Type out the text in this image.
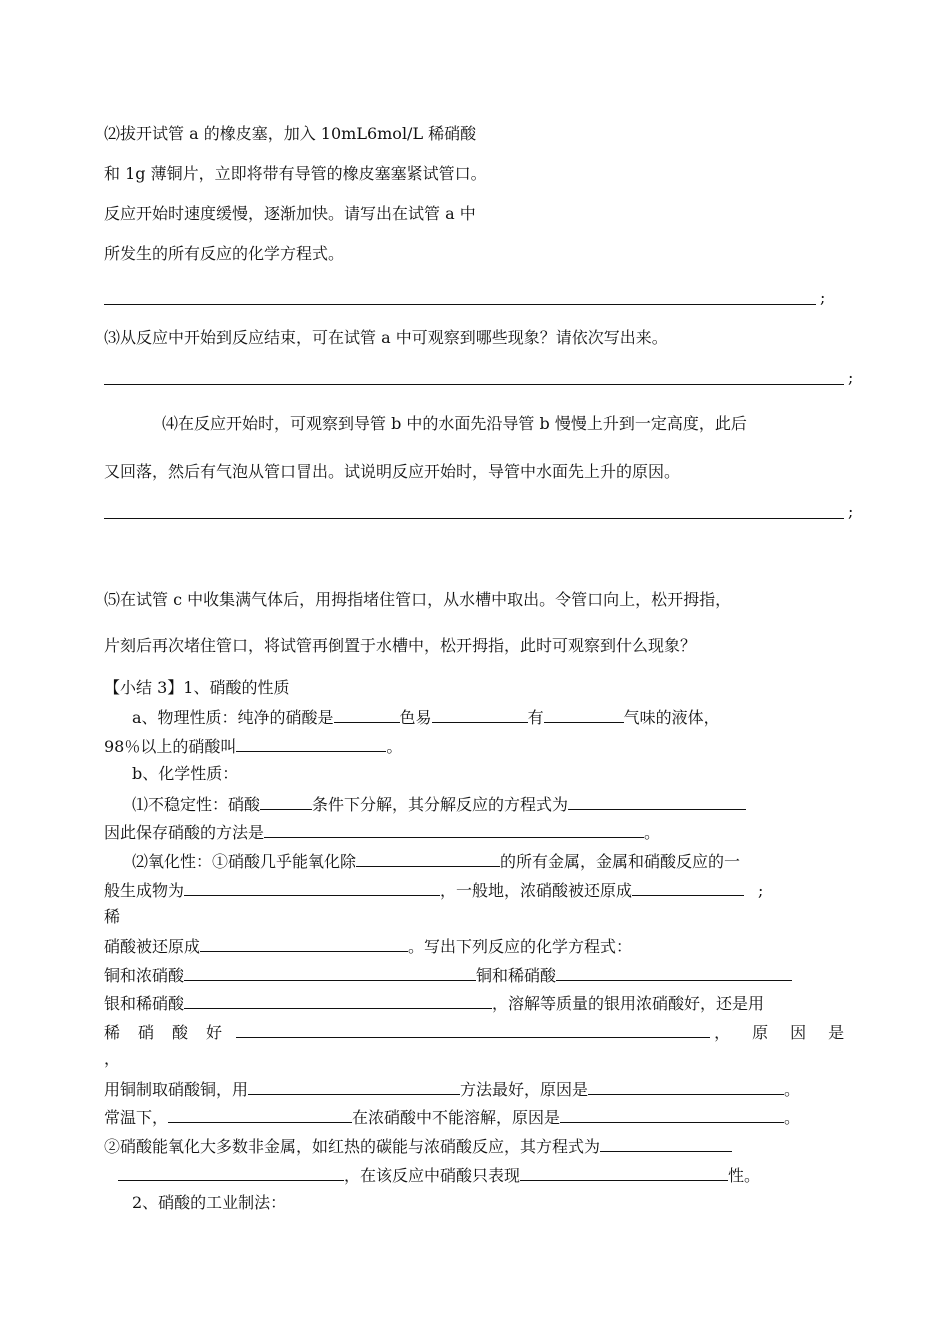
⑵拔开试管 a 的橡皮塞，加入 10mL6mol/L 稀硝酸
和 1g 薄铜片，立即将带有导管的橡皮塞塞紧试管口。
反应开始时速度缓慢，逐渐加快。请写出在试管 a 中
所发生的所有反应的化学方程式。
;
⑶从反应中开始到反应结束，可在试管 a 中可观察到哪些现象？请依次写出来。
;
⑷在反应开始时，可观察到导管 b 中的水面先沿导管 b 慢慢上升到一定高度，此后
又回落，然后有气泡从管口冒出。试说明反应开始时，导管中水面先上升的原因。
;
⑸在试管 c 中收集满气体后，用拇指堵住管口，从水槽中取出。令管口向上，松开拇指，
片刻后再次堵住管口，将试管再倒置于水槽中，松开拇指，此时可观察到什么现象？
【小结 3】1、硝酸的性质
a、物理性质：纯净的硝酸是	色易	有	气味的液体，
98％以上的硝酸叫	。
b、化学性质：
⑴不稳定性：硝酸	条件下分解，其分解反应的方程式为
因此保存硝酸的方法是	。
⑵氧化性：①硝酸几乎能氧化除	的所有金属，金属和硝酸反应的一
般生成物为	，一般地，浓硝酸被还原成	;
稀
硝酸被还原成	。写出下列反应的化学方程式：
铜和浓硝酸	铜和稀硝酸
银和稀硝酸	，溶解等质量的银用浓硝酸好，还是用
稀 硝 酸 好	， 原 因 是
，
用铜制取硝酸铜，用	方法最好，原因是	。
常温下，	在浓硝酸中不能溶解，原因是	。
②硝酸能氧化大多数非金属，如红热的碳能与浓硝酸反应，其方程式为
，在该反应中硝酸只表现	性。
2、硝酸的工业制法：
